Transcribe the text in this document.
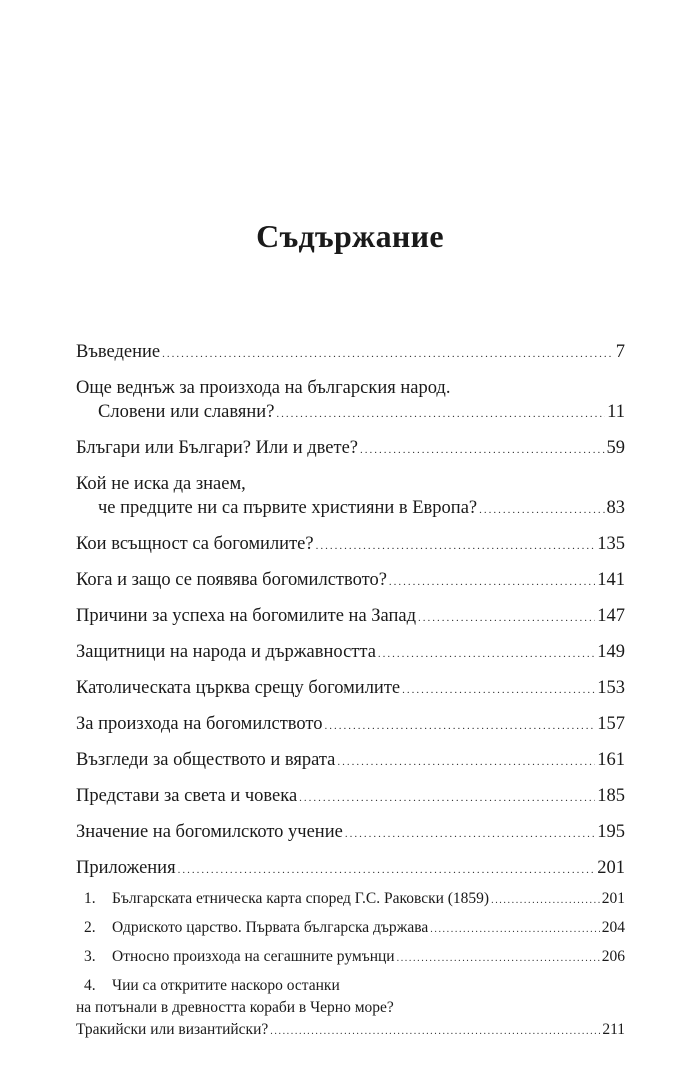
Съдържание
Въведение .....	7
Още веднъж за произхода на българския народ.
Словени или славяни? .....	11
Блъгари или Българи? Или и двете? .....	59
Кой не иска да знаем,
че предците ни са първите християни в Европа? .....	83
Кои всъщност са богомилите? .....	135
Кога и защо се появява богомилството? .....	141
Причини за успеха на богомилите на Запад .....	147
Защитници на народа и държавността .....	149
Католическата църква срещу богомилите .....	153
За произхода на богомилството .....	157
Възгледи за обществото и вярата .....	161
Представи за света и човека .....	185
Значение на богомилското учение .....	195
Приложения .....	201
1.	Българската етническа карта според Г.С. Раковски (1859) .....	201
2.	Одриското царство. Първата българска държава .....	204
3.	Относно произхода на сегашните румънци .....	206
4.	Чии са откритите наскоро останки
на потънали в древността кораби в Черно море?
Тракийски или византийски? .....	211
